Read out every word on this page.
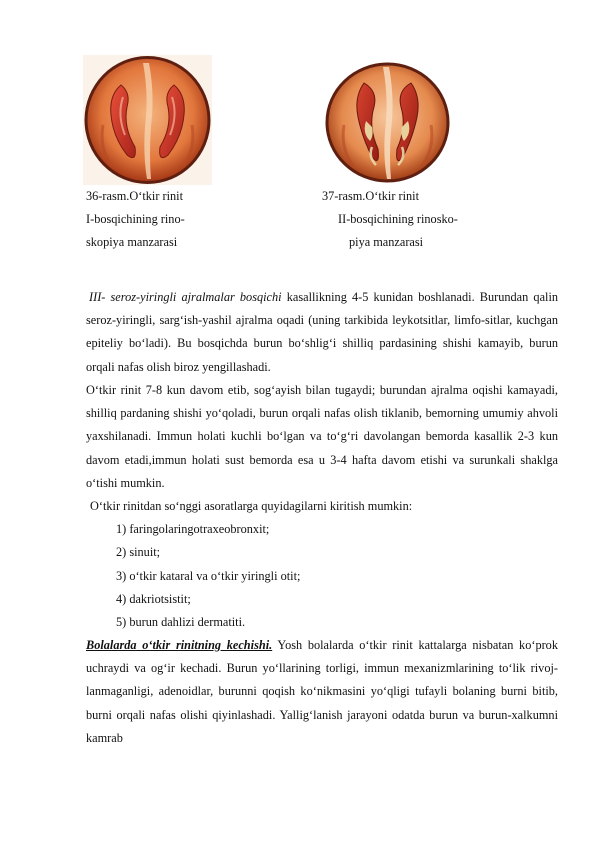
36-rasm.O‘tkir rinit
I-bosqichining rino-
skopiya manzarasi
37-rasm.O‘tkir rinit
II-bosqichining rinosko-
piya manzarasi
III- seroz-yiringli ajralmalar bosqichi kasallikning 4-5 kunidan boshlanadi. Burundan qalin seroz-yiringli, sarg‘ish-yashil ajralma oqadi (uning tarkibida leykotsitlar, limfo-sitlar, kuchgan epiteliy bo‘ladi). Bu bosqichda burun bo‘shlig‘i shilliq pardasining shishi kamayib, burun orqali nafas olish biroz yengillashadi.
O‘tkir rinit 7-8 kun davom etib, sog‘ayish bilan tugaydi; burundan ajralma oqishi kamayadi, shilliq pardaning shishi yo‘qoladi, burun orqali nafas olish tiklanib, bemorning umumiy ahvoli yaxshilanadi. Immun holati kuchli bo‘lgan va to‘g‘ri davolangan bemorda kasallik 2-3 kun davom etadi,immun holati sust bemorda esa u 3-4 hafta davom etishi va surunkali shaklga o‘tishi mumkin.
O‘tkir rinitdan so‘nggi asoratlarga quyidagilarni kiritish mumkin:
1) faringolaringotraxeobronxit;
2) sinuit;
3) o‘tkir kataral va o‘tkir yiringli otit;
4) dakriotsistit;
5) burun dahlizi dermatiti.
Bolalarda o‘tkir rinitning kechishi. Yosh bolalarda o‘tkir rinit kattalarga nisbatan ko‘prok uchraydi va og‘ir kechadi. Burun yo‘llarining torligi, immun mexanizmlarining to‘lik rivoj-lanmaganligi, adenoidlar, burunni qoqish ko‘nikmasini yo‘qligi tufayli bolaning burni bitib, burni orqali nafas olishi qiyinlashadi. Yallig‘lanish jarayoni odatda burun va burun-xalkumni kamrab
